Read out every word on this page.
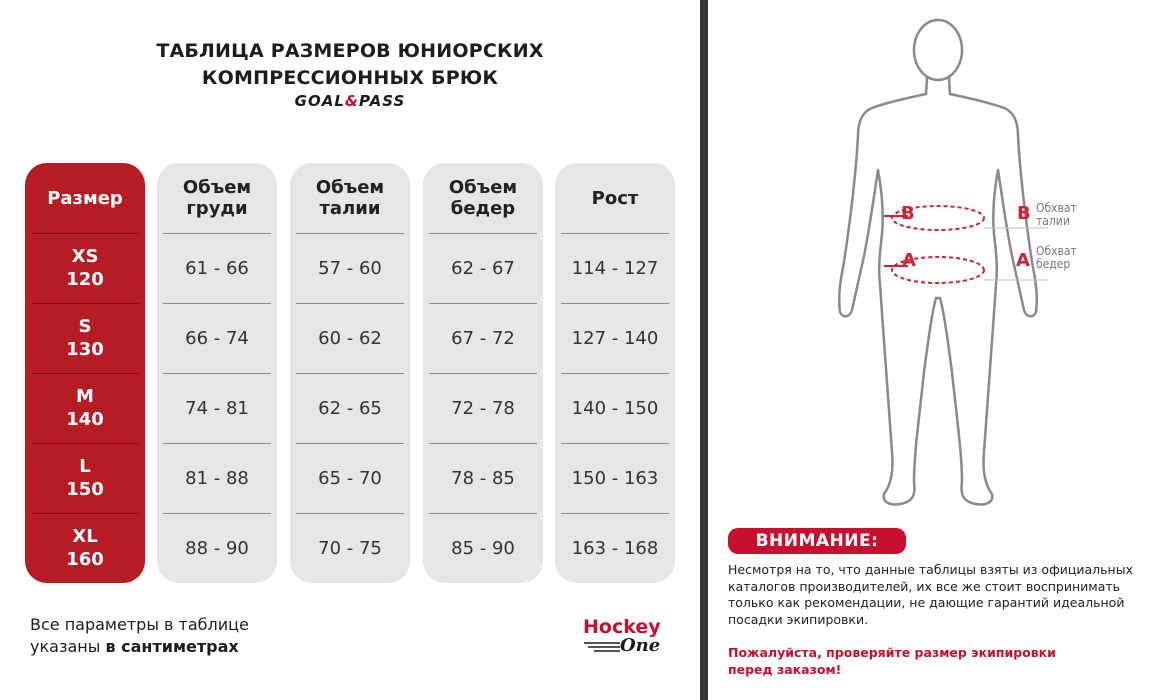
ТАБЛИЦА РАЗМЕРОВ ЮНИОРСКИХ
КОМПРЕССИОННЫХ БРЮК
GOAL&PASS
Размер
XS
120
S
130
M
140
L
150
XL
160
Объем
груди
61 - 66
66 - 74
74 - 81
81 - 88
88 - 90
Объем
талии
57 - 60
60 - 62
62 - 65
65 - 70
70 - 75
Объем
бедер
62 - 67
67 - 72
72 - 78
78 - 85
85 - 90
Рост
114 - 127
127 - 140
140 - 150
150 - 163
163 - 168
Все параметры в таблице
указаны в сантиметрах
Hockey
One
B
A
B
A
Обхват
талии
Обхват
бедер
ВНИМАНИЕ:
Несмотря на то, что данные таблицы взяты из официальных каталогов производителей, их все же стоит воспринимать только как рекомендации, не дающие гарантий идеальной посадки экипировки.
Пожалуйста, проверяйте размер экипировки
перед заказом!
